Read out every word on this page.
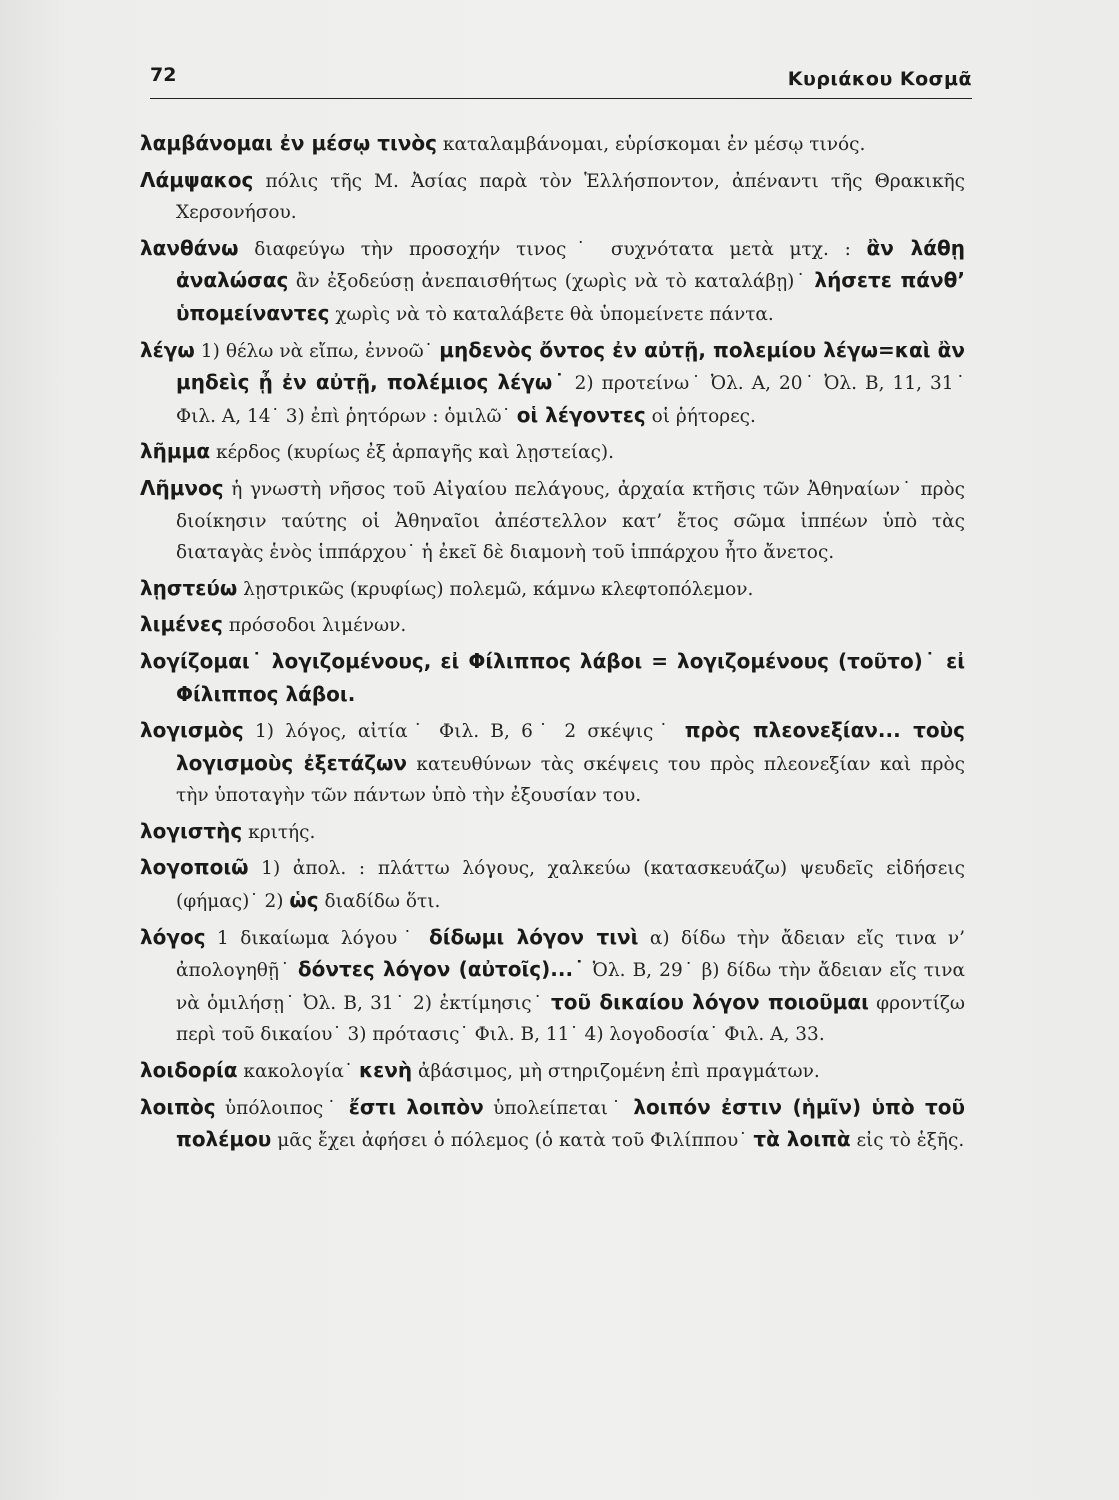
72	Κυριάκου Κοσμᾶ

λαμβάνομαι ἐν μέσῳ τινὸς καταλαμβάνομαι, εὑρίσκομαι ἐν μέσῳ τινός.

Λάμψακος πόλις τῆς Μ. Ἀσίας παρὰ τὸν Ἑλλήσποντον, ἀπέναντι τῆς Θρακικῆς Χερσονήσου.

λανθάνω διαφεύγω τὴν προσοχήν τινος˙ συχνότατα μετὰ μτχ. : ἂν λάθῃ ἀναλώσας ἂν ἐξοδεύσῃ ἀνεπαισθήτως (χωρὶς νὰ τὸ καταλάβῃ)˙ λήσετε πάνθ’ ὑπομείναντες χωρὶς νὰ τὸ καταλάβετε θὰ ὑπομείνετε πάντα.

λέγω 1) θέλω νὰ εἴπω, ἐννοῶ˙ μηδενὸς ὄντος ἐν αὐτῇ, πολεμίου λέγω=καὶ ἂν μηδεὶς ᾖ ἐν αὐτῇ, πολέμιος λέγω˙ 2) προτείνω˙ Ὀλ. Α, 20˙ Ὀλ. Β, 11, 31˙ Φιλ. Α, 14˙ 3) ἐπὶ ῥητόρων : ὁμιλῶ˙ οἱ λέγοντες οἱ ῥήτορες.

λῆμμα κέρδος (κυρίως ἐξ ἁρπαγῆς καὶ λῃστείας).

Λῆμνος ἡ γνωστὴ νῆσος τοῦ Αἰγαίου πελάγους, ἀρχαία κτῆσις τῶν Ἀθηναίων˙ πρὸς διοίκησιν ταύτης οἱ Ἀθηναῖοι ἀπέστελλον κατ’ ἔτος σῶμα ἱππέων ὑπὸ τὰς διαταγὰς ἑνὸς ἱππάρχου˙ ἡ ἐκεῖ δὲ διαμονὴ τοῦ ἱππάρχου ἦτο ἄνετος.

λῃστεύω λῃστρικῶς (κρυφίως) πολεμῶ, κάμνω κλεφτοπόλεμον.

λιμένες πρόσοδοι λιμένων.

λογίζομαι˙ λογιζομένους, εἰ Φίλιππος λάβοι = λογιζομένους (τοῦτο)˙ εἰ Φίλιππος λάβοι.

λογισμὸς 1) λόγος, αἰτία˙ Φιλ. Β, 6˙ 2 σκέψις˙ πρὸς πλεονεξίαν... τοὺς λογισμοὺς ἐξετάζων κατευθύνων τὰς σκέψεις του πρὸς πλεονεξίαν καὶ πρὸς τὴν ὑποταγὴν τῶν πάντων ὑπὸ τὴν ἐξουσίαν του.

λογιστὴς κριτής.

λογοποιῶ 1) ἀπολ. : πλάττω λόγους, χαλκεύω (κατασκευάζω) ψευδεῖς εἰδήσεις (φήμας)˙ 2) ὡς διαδίδω ὅτι.

λόγος 1 δικαίωμα λόγου˙ δίδωμι λόγον τινὶ α) δίδω τὴν ἄδειαν εἴς τινα ν’ ἀπολογηθῇ˙ δόντες λόγον (αὐτοῖς)...˙ Ὀλ. Β, 29˙ β) δίδω τὴν ἄδειαν εἴς τινα νὰ ὁμιλήσῃ˙ Ὀλ. Β, 31˙ 2) ἐκτίμησις˙ τοῦ δικαίου λόγον ποιοῦμαι φροντίζω περὶ τοῦ δικαίου˙ 3) πρότασις˙ Φιλ. Β, 11˙ 4) λογοδοσία˙ Φιλ. Α, 33.

λοιδορία κακολογία˙ κενὴ ἀβάσιμος, μὴ στηριζομένη ἐπὶ πραγμάτων.

λοιπὸς ὑπόλοιπος˙ ἔστι λοιπὸν ὑπολείπεται˙ λοιπόν ἐστιν (ἡμῖν) ὑπὸ τοῦ πολέμου μᾶς ἔχει ἀφήσει ὁ πόλεμος (ὁ κατὰ τοῦ Φιλίππου˙ τὰ λοιπὰ εἰς τὸ ἑξῆς.
